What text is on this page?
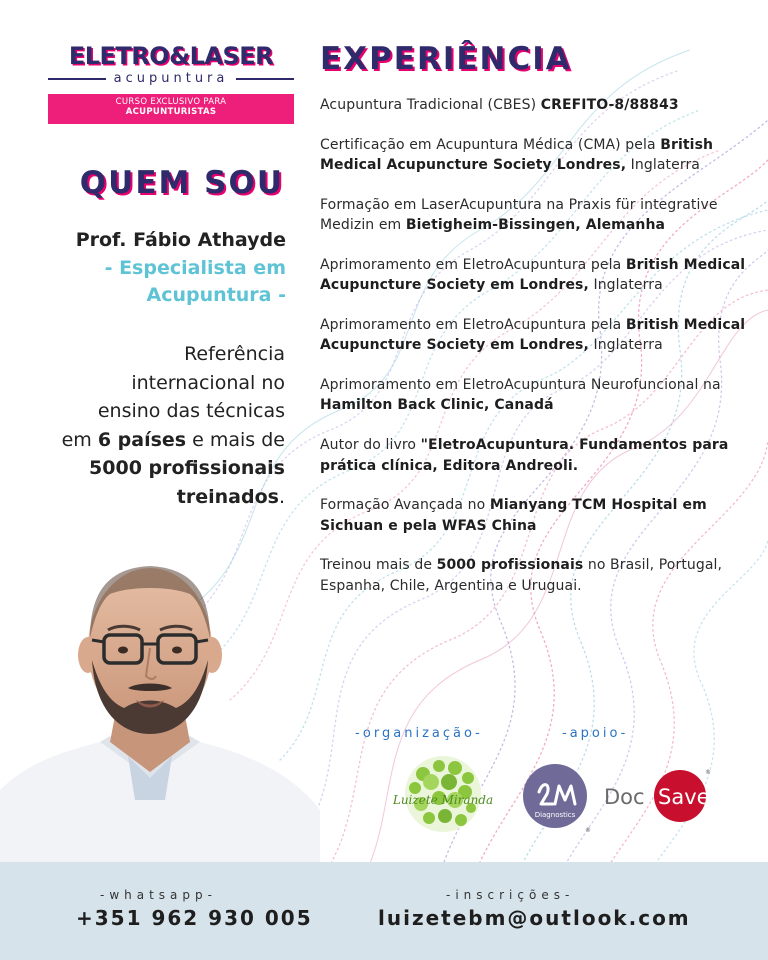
ELETRO&LASER
acupuntura
CURSO EXCLUSIVO PARA
ACUPUNTURISTAS
QUEM SOU
Prof. Fábio Athayde
- Especialista em
Acupuntura -
Referência
internacional no
ensino das técnicas
em 6 países e mais de
5000 profissionais
treinados.
EXPERIÊNCIA
Acupuntura Tradicional (CBES) CREFITO-8/88843
Certificação em Acupuntura Médica (CMA) pela British Medical Acupuncture Society Londres, Inglaterra
Formação em LaserAcupuntura na Praxis für integrative Medizin em Bietigheim-Bissingen, Alemanha
Aprimoramento em EletroAcupuntura pela British Medical Acupuncture Society em Londres, Inglaterra
Aprimoramento em EletroAcupuntura pela British Medical Acupuncture Society em Londres, Inglaterra
Aprimoramento em EletroAcupuntura Neurofuncional na Hamilton Back Clinic, Canadá
Autor do livro "EletroAcupuntura. Fundamentos para prática clínica, Editora Andreoli.
Formação Avançada no Mianyang TCM Hospital em Sichuan e pela WFAS China
Treinou mais de 5000 profissionais no Brasil, Portugal, Espanha, Chile, Argentina e Uruguai.
-organização-	-apoio-
Luizete Miranda
Diagnostics
®
Doc Save
®
-whatsapp-
+351 962 930 005
-inscrições-
luizetebm@outlook.com
